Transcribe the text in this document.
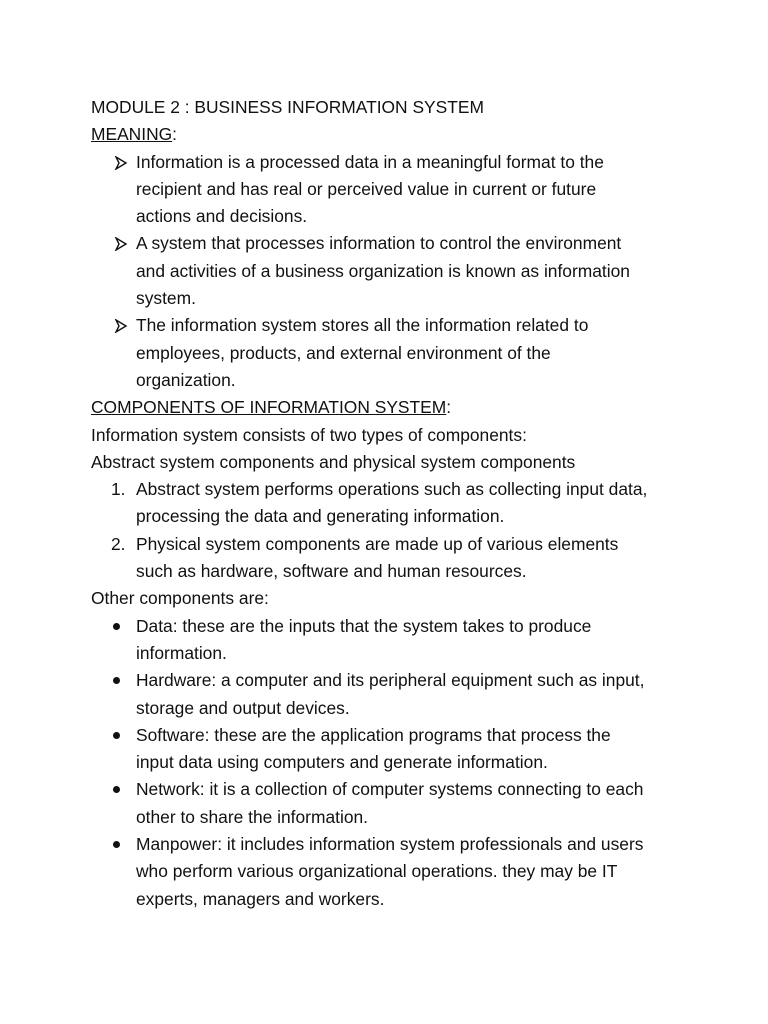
MODULE 2 : BUSINESS INFORMATION SYSTEM

MEANING:

Information is a processed data in a meaningful format to the
recipient and has real or perceived value in current or future
actions and decisions.
A system that processes information to control the environment
and activities of a business organization is known as information
system.
The information system stores all the information related to
employees, products, and external environment of the
organization.

COMPONENTS OF INFORMATION SYSTEM:

Information system consists of two types of components:

Abstract system components and physical system components

1. Abstract system performs operations such as collecting input data,
processing the data and generating information.
2. Physical system components are made up of various elements
such as hardware, software and human resources.

Other components are:

Data: these are the inputs that the system takes to produce
information.
Hardware: a computer and its peripheral equipment such as input,
storage and output devices.
Software: these are the application programs that process the
input data using computers and generate information.
Network: it is a collection of computer systems connecting to each
other to share the information.
Manpower: it includes information system professionals and users
who perform various organizational operations. they may be IT
experts, managers and workers.
